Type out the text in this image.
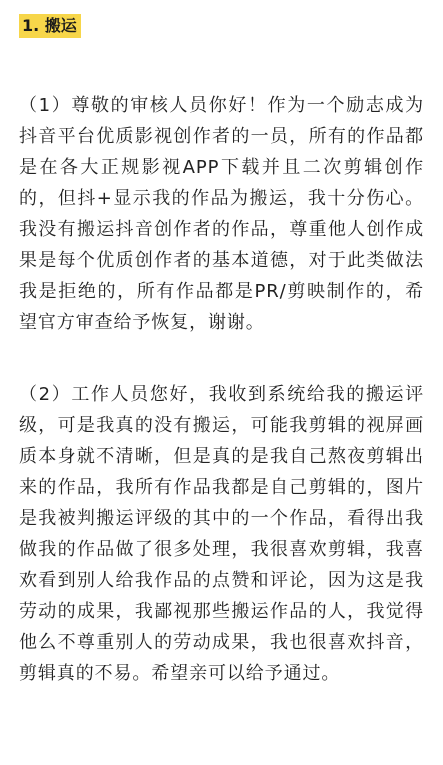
1. 搬运

（1）尊敬的审核人员你好！作为一个励志成为抖音平台优质影视创作者的一员，所有的作品都是在各大正规影视APP下载并且二次剪辑创作的，但抖+显示我的作品为搬运，我十分伤心。我没有搬运抖音创作者的作品，尊重他人创作成果是每个优质创作者的基本道德，对于此类做法我是拒绝的，所有作品都是PR/剪映制作的，希望官方审查给予恢复，谢谢。

（2）工作人员您好，我收到系统给我的搬运评级，可是我真的没有搬运，可能我剪辑的视屏画质本身就不清晰，但是真的是我自己熬夜剪辑出来的作品，我所有作品我都是自己剪辑的，图片是我被判搬运评级的其中的一个作品，看得出我做我的作品做了很多处理，我很喜欢剪辑，我喜欢看到别人给我作品的点赞和评论，因为这是我劳动的成果，我鄙视那些搬运作品的人，我觉得他么不尊重别人的劳动成果，我也很喜欢抖音，剪辑真的不易。希望亲可以给予通过。
